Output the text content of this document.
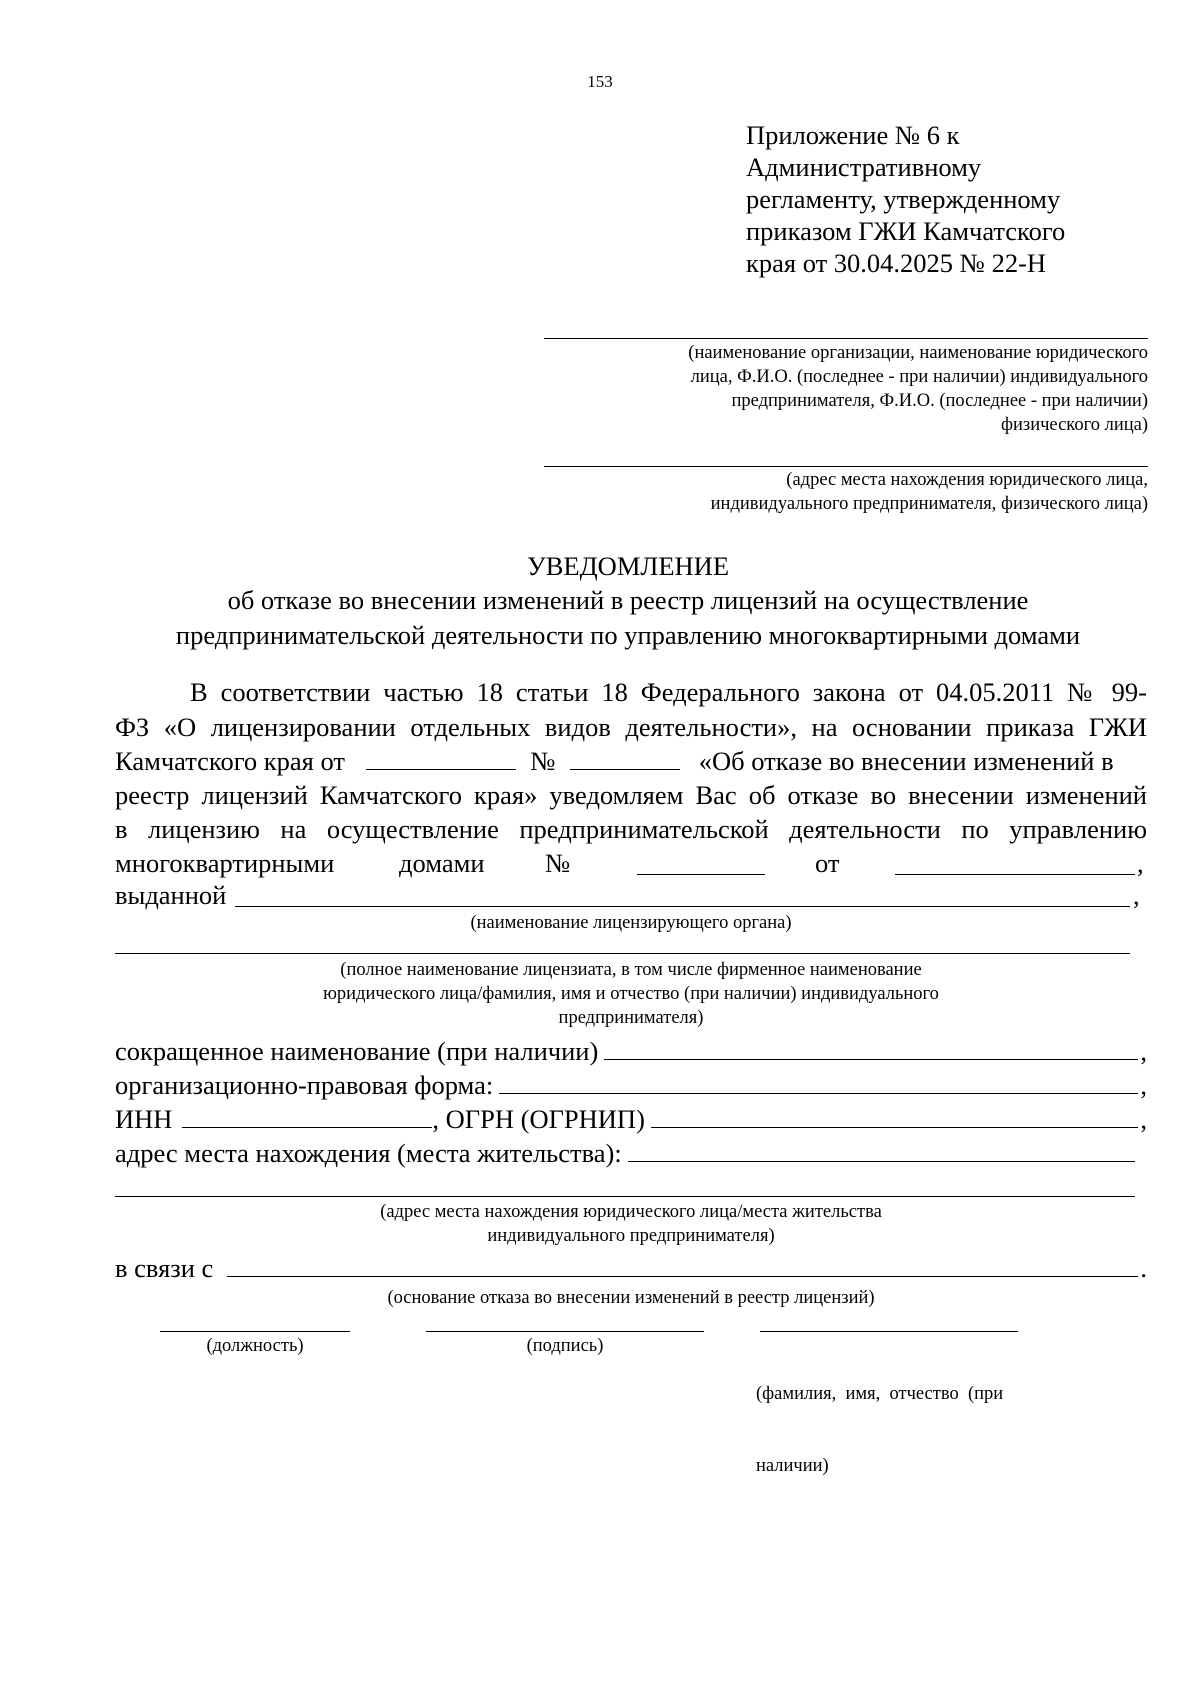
153
Приложение № 6 к
Административному
регламенту, утвержденному
приказом ГЖИ Камчатского
края от 30.04.2025 № 22-Н
(наименование организации, наименование юридического
лица, Ф.И.О. (последнее - при наличии) индивидуального
предпринимателя, Ф.И.О. (последнее - при наличии)
физического лица)
(адрес места нахождения юридического лица,
индивидуального предпринимателя, физического лица)
УВЕДОМЛЕНИЕ
об отказе во внесении изменений в реестр лицензий на осуществление
предпринимательской деятельности по управлению многоквартирными домами
В соответствии частью 18 статьи 18 Федерального закона от 04.05.2011 № 99-
ФЗ «О лицензировании отдельных видов деятельности», на основании приказа ГЖИ
Камчатского края от	№	«Об отказе во внесении изменений в
реестр лицензий Камчатского края» уведомляем Вас об отказе во внесении изменений
в лицензию на осуществление предпринимательской деятельности по управлению
многоквартирными домами №	от	,
выданной	,
(наименование лицензирующего органа)
(полное наименование лицензиата, в том числе фирменное наименование
юридического лица/фамилия, имя и отчество (при наличии) индивидуального
предпринимателя)
сокращенное наименование (при наличии)	,
организационно-правовая форма:	,
ИНН	, ОГРН (ОГРНИП)	,
адрес места нахождения (места жительства):
(адрес места нахождения юридического лица/места жительства
индивидуального предпринимателя)
в связи с	.
(основание отказа во внесении изменений в реестр лицензий)
(должность)	(подпись)

(фамилия,  имя,  отчество  (при

наличии)
